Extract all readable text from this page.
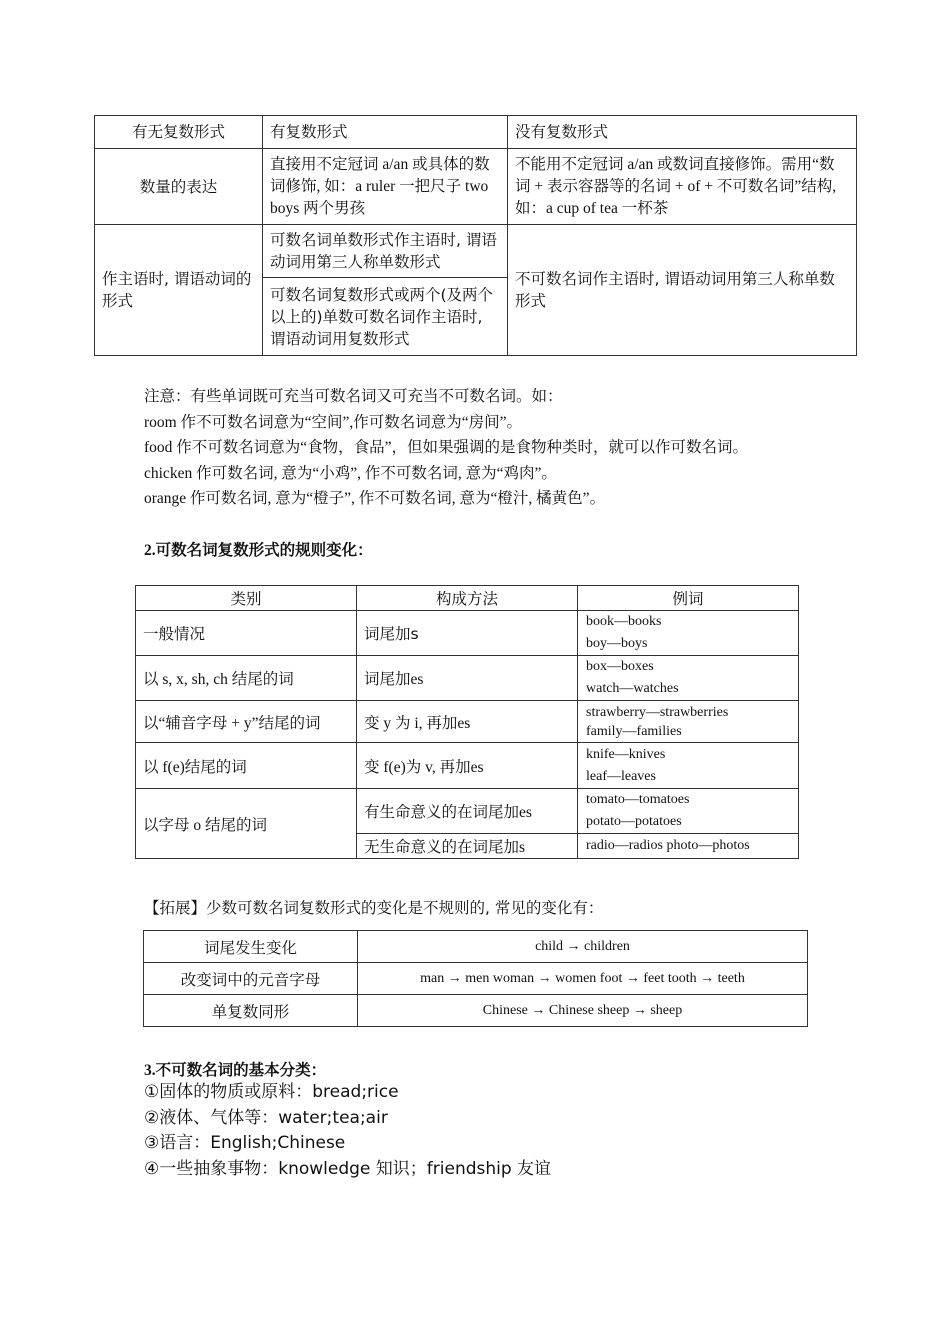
有无复数形式	有复数形式	没有复数形式
数量的表达	直接用不定冠词 a/an 或具体的数词修饰, 如：a ruler 一把尺子 two boys 两个男孩	不能用不定冠词 a/an 或数词直接修饰。需用“数词 + 表示容器等的名词 + of + 不可数名词”结构, 如：a cup of tea 一杯茶
作主语时, 谓语动词的形式	可数名词单数形式作主语时, 谓语动词用第三人称单数形式	不可数名词作主语时, 谓语动词用第三人称单数形式
	可数名词复数形式或两个(及两个以上的)单数可数名词作主语时, 谓语动词用复数形式	
注意：有些单词既可充当可数名词又可充当不可数名词。如：
room 作不可数名词意为“空间”,作可数名词意为“房间”。
food 作不可数名词意为“食物，食品”，但如果强调的是食物种类时，就可以作可数名词。
chicken 作可数名词, 意为“小鸡”, 作不可数名词, 意为“鸡肉”。
orange 作可数名词, 意为“橙子”, 作不可数名词, 意为“橙汁, 橘黄色”。
2.可数名词复数形式的规则变化：
类别	构成方法	例词
一般情况	词尾加s	book—books
boy—boys

以 s, x, sh, ch 结尾的词	词尾加es	box—boxes
watch—watches

以“辅音字母 + y”结尾的词	变 y 为 i, 再加es	strawberry—strawberries
family—families

以 f(e)结尾的词	变 f(e)为 v, 再加es	knife—knives
leaf—leaves

以字母 o 结尾的词	有生命意义的在词尾加es	tomato—tomatoes
potato—potatoes

	无生命意义的在词尾加s	radio—radios photo—photos
【拓展】少数可数名词复数形式的变化是不规则的, 常见的变化有：
词尾发生变化	child → children
改变词中的元音字母	man → men woman → women foot → feet tooth → teeth
单复数同形	Chinese → Chinese sheep → sheep
3.不可数名词的基本分类：
①固体的物质或原料：bread;rice
②液体、气体等：water;tea;air
③语言：English;Chinese
④一些抽象事物：knowledge 知识；friendship 友谊
